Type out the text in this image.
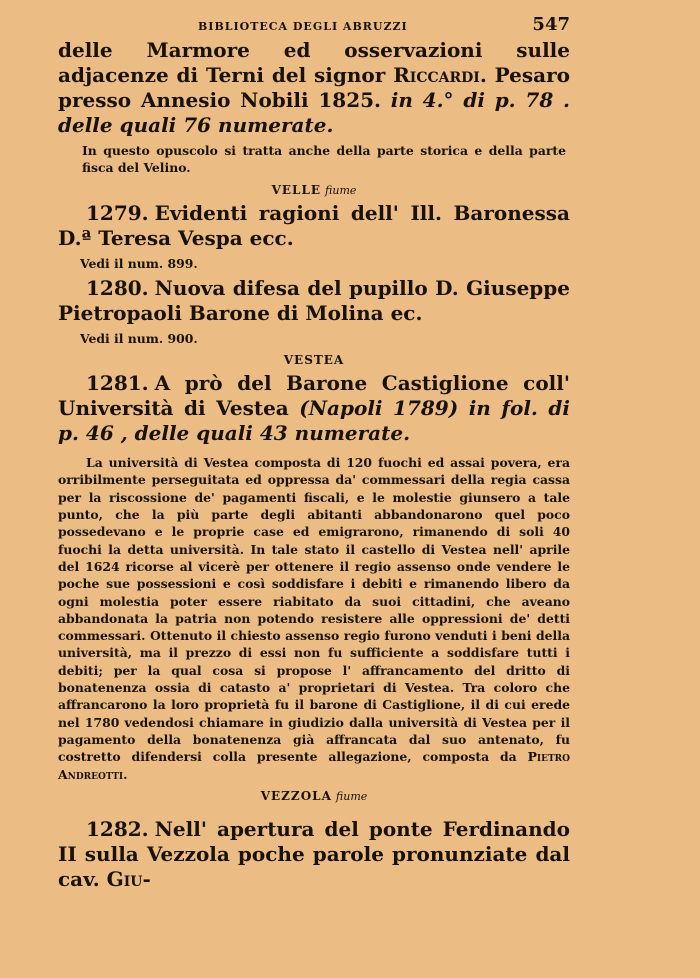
BIBLIOTECA DEGLI ABRUZZI	547

delle Marmore ed osservazioni sulle adjacenze di Terni del signor Riccardi. Pesaro presso Annesio Nobili 1825. in 4.° di p. 78 . delle quali 76 numerate.

In questo opuscolo si tratta anche della parte storica e della parte fisca del Velino.

VELLE fiume

1279. Evidenti ragioni dell' Ill. Baronessa D.ª Teresa Vespa ecc.

Vedi il num. 899.

1280. Nuova difesa del pupillo D. Giuseppe Pietropaoli Barone di Molina ec.

Vedi il num. 900.

VESTEA

1281. A prò del Barone Castiglione coll' Università di Vestea (Napoli 1789) in fol. di p. 46 , delle quali 43 numerate.

La università di Vestea composta di 120 fuochi ed assai povera, era orribilmente perseguitata ed oppressa da' commessari della regia cassa per la riscossione de' pagamenti fiscali, e le molestie giunsero a tale punto, che la più parte degli abitanti abbandonarono quel poco possedevano e le proprie case ed emigrarono, rimanendo di soli 40 fuochi la detta università. In tale stato il castello di Vestea nell' aprile del 1624 ricorse al vicerè per ottenere il regio assenso onde vendere le poche sue possessioni e così soddisfare i debiti e rimanendo libero da ogni molestia poter essere riabitato da suoi cittadini, che aveano abbandonata la patria non potendo resistere alle oppressioni de' detti commessari. Ottenuto il chiesto assenso regio furono venduti i beni della università, ma il prezzo di essi non fu sufficiente a soddisfare tutti i debiti; per la qual cosa si propose l' affrancamento del dritto di bonatenenza ossia di catasto a' proprietari di Vestea. Tra coloro che affrancarono la loro proprietà fu il barone di Castiglione, il di cui erede nel 1780 vedendosi chiamare in giudizio dalla università di Vestea per il pagamento della bonatenenza già affrancata dal suo antenato, fu costretto difendersi colla presente allegazione, composta da Pietro Andreotti.

VEZZOLA fiume

1282. Nell' apertura del ponte Ferdinando II sulla Vezzola poche parole pronunziate dal cav. Giu-
